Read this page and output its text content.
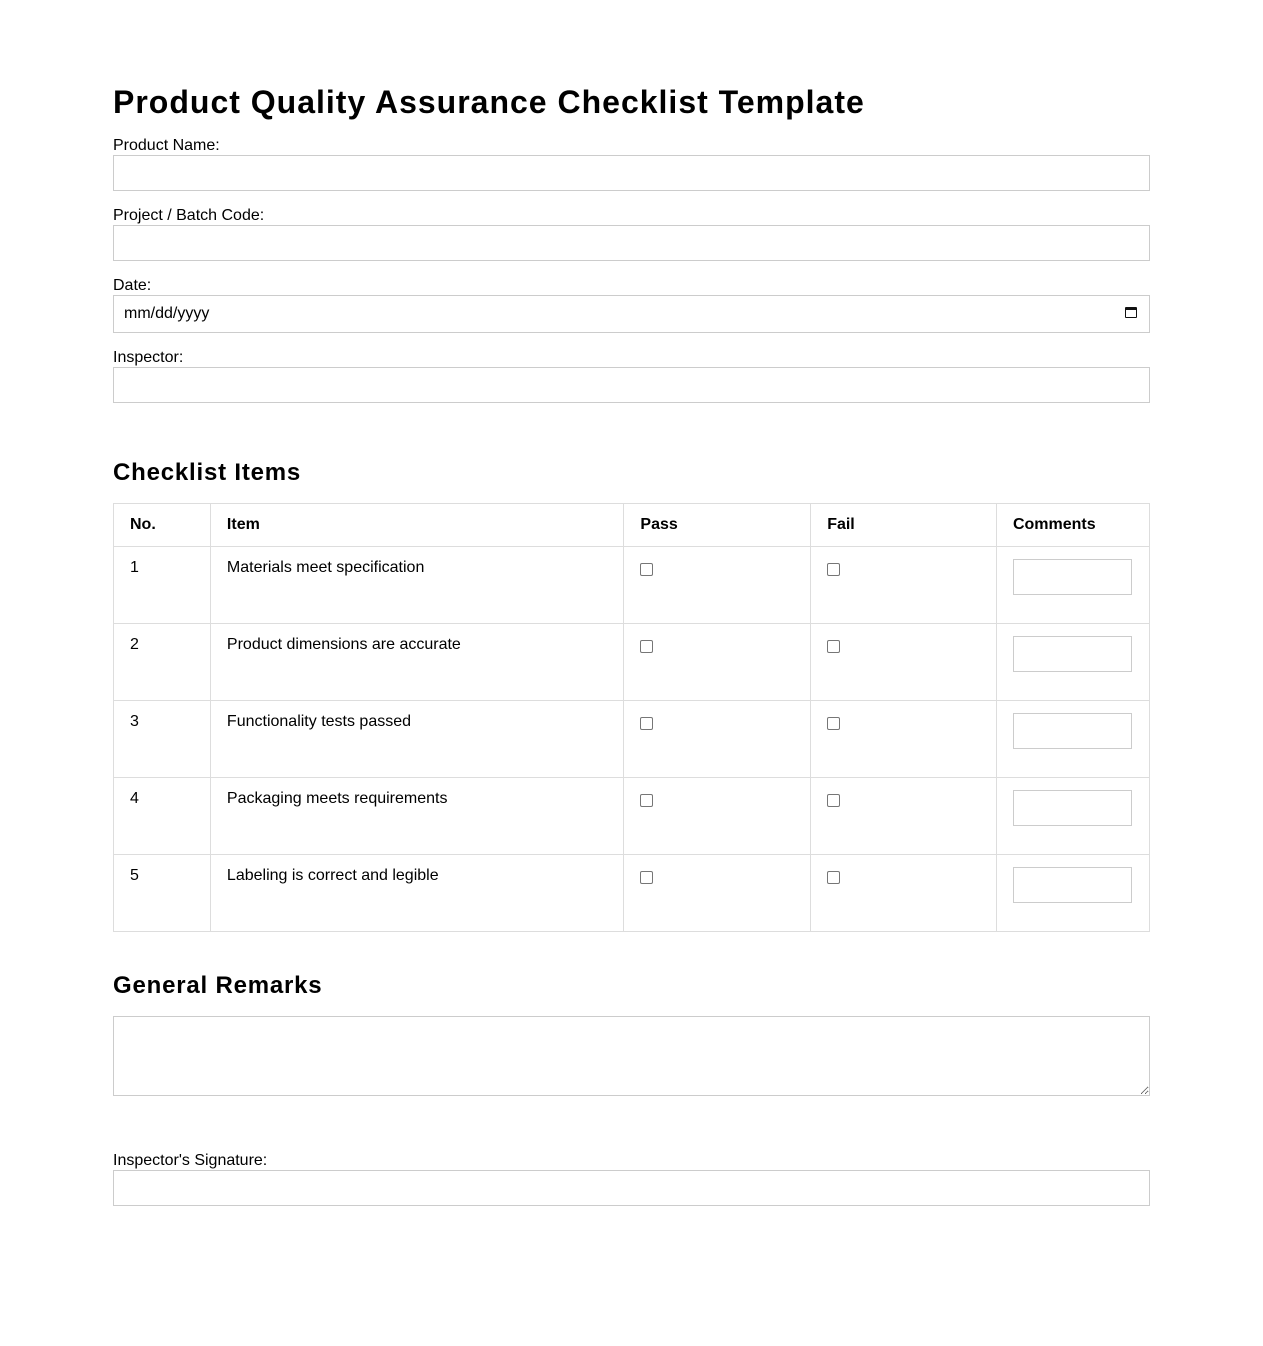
Product Quality Assurance Checklist Template
Product Name:
Project / Batch Code:
Date:
mm/dd/yyyy
Inspector:
Checklist Items
No.	Item	Pass	Fail	Comments
1	Materials meet specification			

2	Product dimensions are accurate			

3	Functionality tests passed			

4	Packaging meets requirements			

5	Labeling is correct and legible			
General Remarks
Inspector's Signature:
